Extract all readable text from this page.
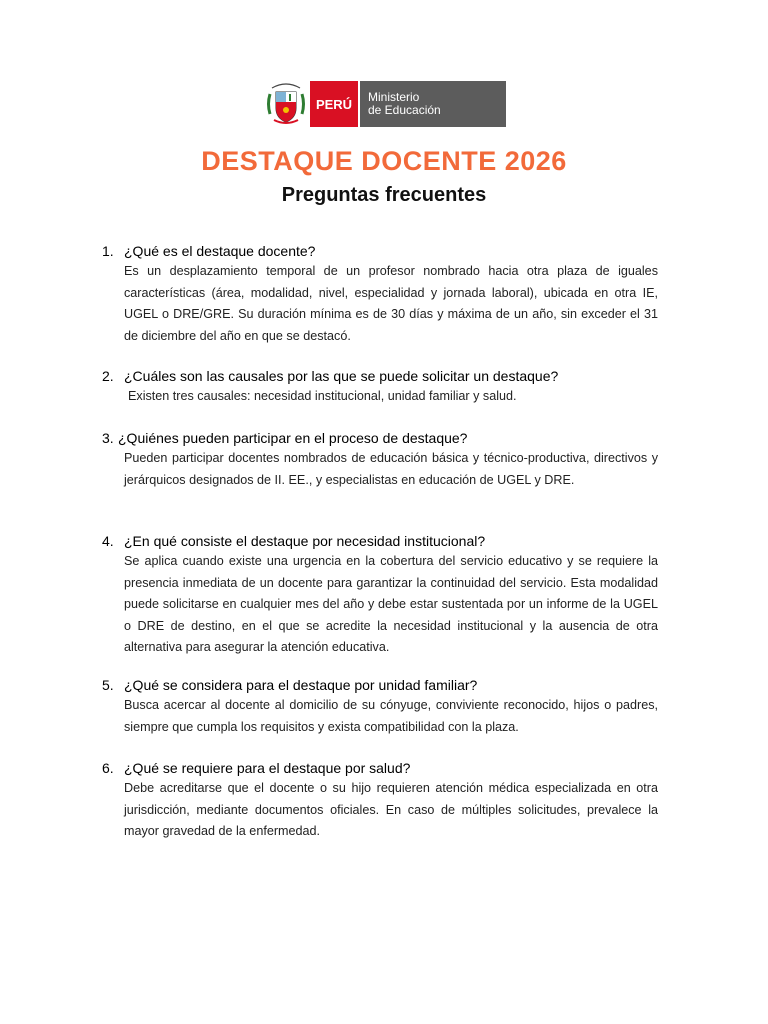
PERÚ	Ministerio
de Educación
DESTAQUE DOCENTE 2026
Preguntas frecuentes
1. ¿Qué es el destaque docente?
Es un desplazamiento temporal de un profesor nombrado hacia otra plaza de iguales características (área, modalidad, nivel, especialidad y jornada laboral), ubicada en otra IE, UGEL o DRE/GRE. Su duración mínima es de 30 días y máxima de un año, sin exceder el 31 de diciembre del año en que se destacó.
2. ¿Cuáles son las causales por las que se puede solicitar un destaque?
Existen tres causales: necesidad institucional, unidad familiar y salud.
3. ¿Quiénes pueden participar en el proceso de destaque?
Pueden participar docentes nombrados de educación básica y técnico-productiva, directivos y jerárquicos designados de II. EE., y especialistas en educación de UGEL y DRE.
4. ¿En qué consiste el destaque por necesidad institucional?
Se aplica cuando existe una urgencia en la cobertura del servicio educativo y se requiere la presencia inmediata de un docente para garantizar la continuidad del servicio. Esta modalidad puede solicitarse en cualquier mes del año y debe estar sustentada por un informe de la UGEL o DRE de destino, en el que se acredite la necesidad institucional y la ausencia de otra alternativa para asegurar la atención educativa.
5. ¿Qué se considera para el destaque por unidad familiar?
Busca acercar al docente al domicilio de su cónyuge, conviviente reconocido, hijos o padres, siempre que cumpla los requisitos y exista compatibilidad con la plaza.
6. ¿Qué se requiere para el destaque por salud?
Debe acreditarse que el docente o su hijo requieren atención médica especializada en otra jurisdicción, mediante documentos oficiales. En caso de múltiples solicitudes, prevalece la mayor gravedad de la enfermedad.
